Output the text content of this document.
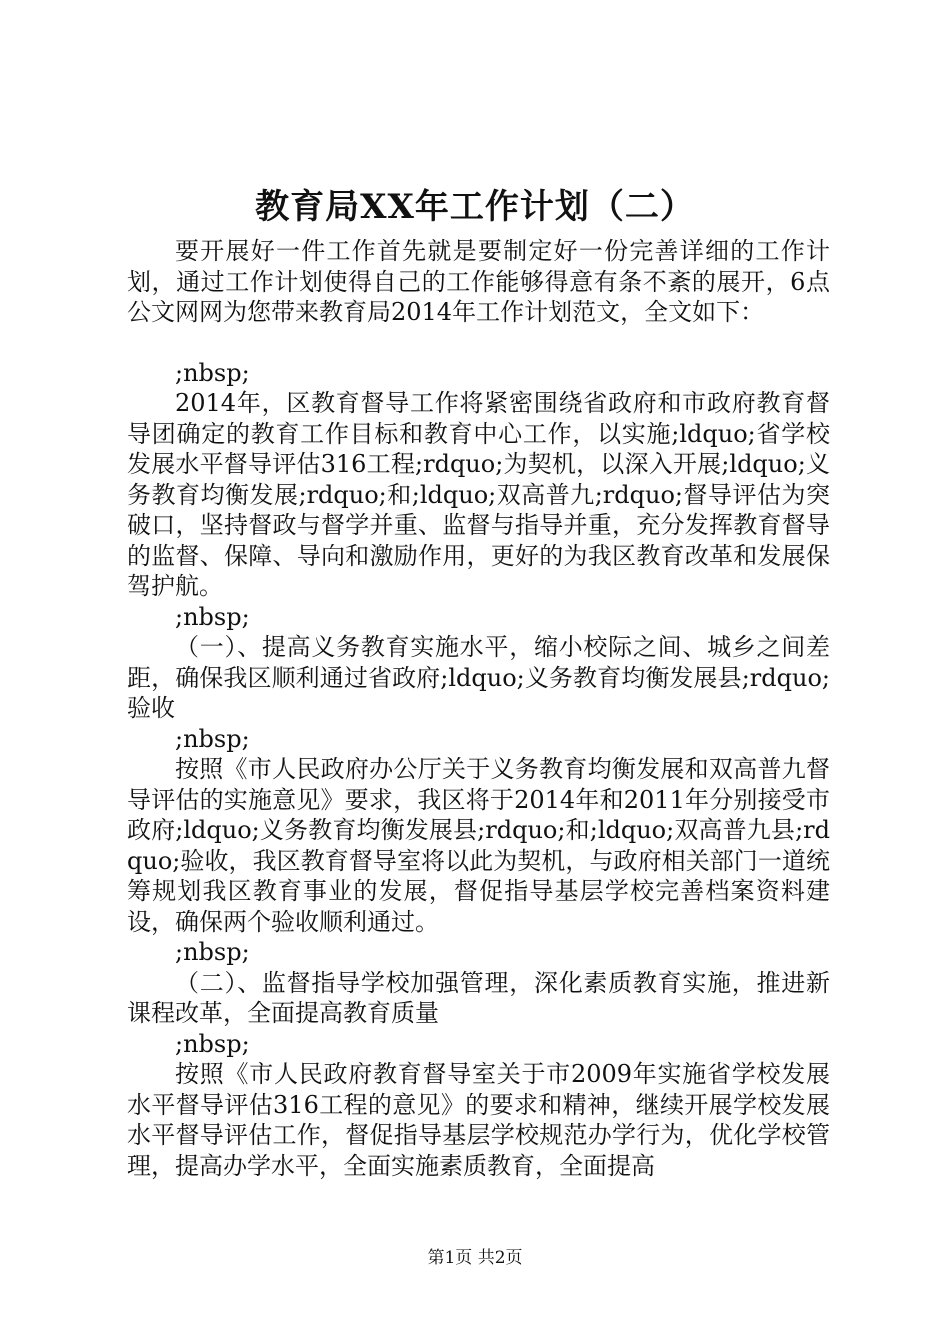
教育局XX年工作计划（二）

要开展好一件工作首先就是要制定好一份完善详细的工作计划，通过工作计划使得自己的工作能够得意有条不紊的展开，6点公文网网为您带来教育局2014年工作计划范文，全文如下：

;nbsp;

2014年，区教育督导工作将紧密围绕省政府和市政府教育督导团确定的教育工作目标和教育中心工作，以实施;ldquo;省学校发展水平督导评估316工程;rdquo;为契机，以深入开展;ldquo;义务教育均衡发展;rdquo;和;ldquo;双高普九;rdquo;督导评估为突破口，坚持督政与督学并重、监督与指导并重，充分发挥教育督导的监督、保障、导向和激励作用，更好的为我区教育改革和发展保驾护航。

;nbsp;

（一）、提高义务教育实施水平，缩小校际之间、城乡之间差距，确保我区顺利通过省政府;ldquo;义务教育均衡发展县;rdquo;验收

;nbsp;

按照《市人民政府办公厅关于义务教育均衡发展和双高普九督导评估的实施意见》要求，我区将于2014年和2011年分别接受市政府;ldquo;义务教育均衡发展县;rdquo;和;ldquo;双高普九县;rdquo;验收，我区教育督导室将以此为契机，与政府相关部门一道统筹规划我区教育事业的发展，督促指导基层学校完善档案资料建设，确保两个验收顺利通过。

;nbsp;

（二）、监督指导学校加强管理，深化素质教育实施，推进新课程改革，全面提高教育质量

;nbsp;

按照《市人民政府教育督导室关于市2009年实施省学校发展水平督导评估316工程的意见》的要求和精神，继续开展学校发展水平督导评估工作，督促指导基层学校规范办学行为，优化学校管理，提高办学水平，全面实施素质教育，全面提高

第1页 共2页
